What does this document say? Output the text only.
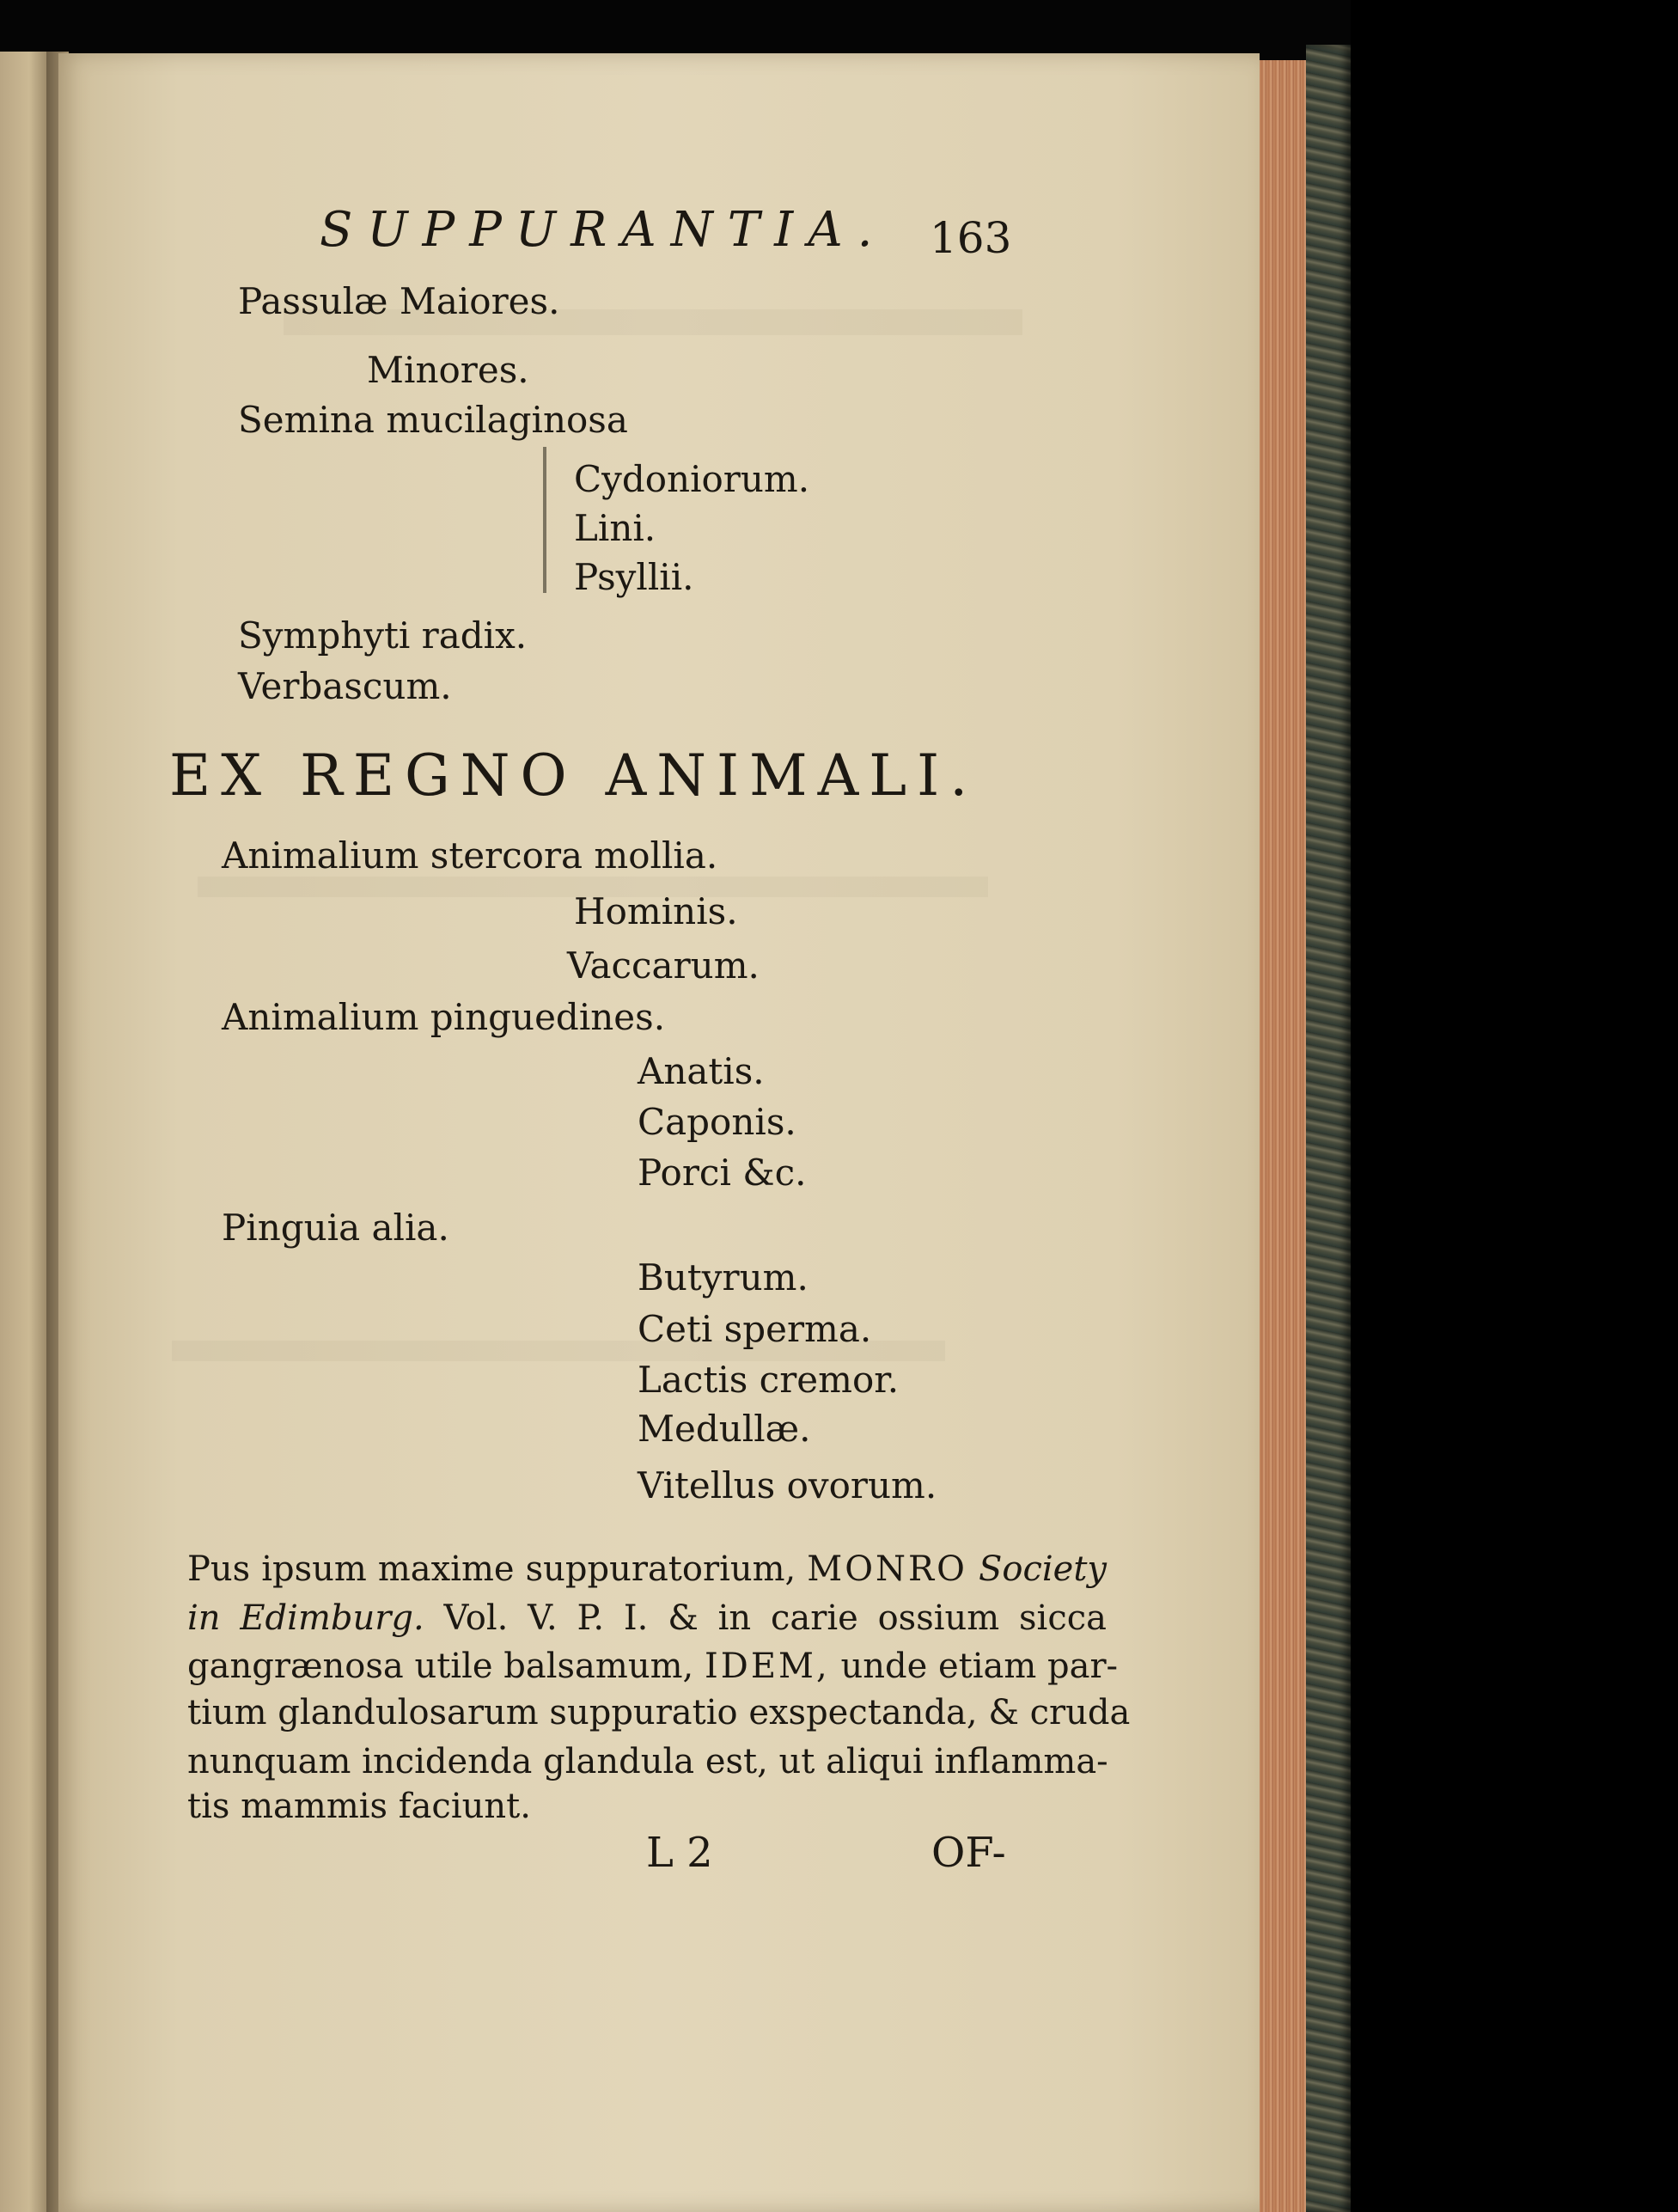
SUPPURANTIA. 163
Passulæ Maiores.
Minores.
Semina mucilaginosa
Cydoniorum.
Lini.
Psyllii.
Symphyti radix.
Verbascum.
EX REGNO ANIMALI.
Animalium stercora mollia.
Hominis.
Vaccarum.
Animalium pinguedines.
Anatis.
Caponis.
Porci &c.
Pinguia alia.
Butyrum.
Ceti sperma.
Lactis cremor.
Medullæ.
Vitellus ovorum.
Pus ipsum maxime suppuratorium, MONRO Society
in Edimburg. Vol. V. P. I. & in carie ossium sicca
gangrænosa utile balsamum, IDEM, unde etiam par-
tium glandulosarum suppuratio exspectanda, & cruda
nunquam incidenda glandula est, ut aliqui inflamma-
tis mammis faciunt.
L 2	OF-
